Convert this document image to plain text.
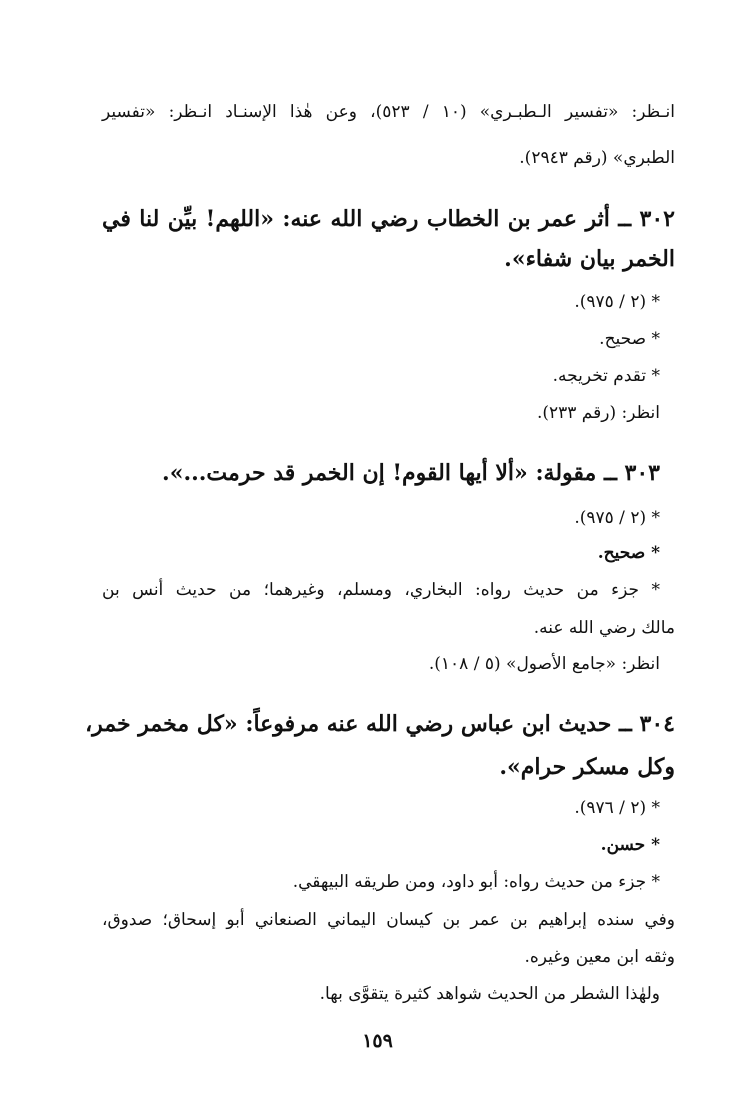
انـظر: «تفسير الـطبـري» (١٠ / ٥٢٣)، وعن هٰذا الإسنـاد انـظر: «تفسير
الطبري» (رقم ٢٩٤٣).
٣٠٢ ــ أثر عمر بن الخطاب رضي الله عنه: «اللهم! بيِّن لنا في
الخمر بيان شفاء».
* (٢ / ٩٧٥).
* صحيح.
* تقدم تخريجه.
انظر: (رقم ٢٣٣).
٣٠٣ ــ مقولة: «ألا أيها القوم! إن الخمر قد حرمت...».
* (٢ / ٩٧٥).
* صحيح.
* جزء من حديث رواه: البخاري، ومسلم، وغيرهما؛ من حديث أنس بن
مالك رضي الله عنه.
انظر: «جامع الأصول» (٥ / ١٠٨).
٣٠٤ ــ حديث ابن عباس رضي الله عنه مرفوعاً: «كل مخمر خمر،
وكل مسكر حرام».
* (٢ / ٩٧٦).
* حسن.
* جزء من حديث رواه: أبو داود، ومن طريقه البيهقي.
وفي سنده إبراهيم بن عمر بن كيسان اليماني الصنعاني أبو إسحاق؛ صدوق،
وثقه ابن معين وغيره.
ولهٰذا الشطر من الحديث شواهد كثيرة يتقوَّى بها.
١٥٩
